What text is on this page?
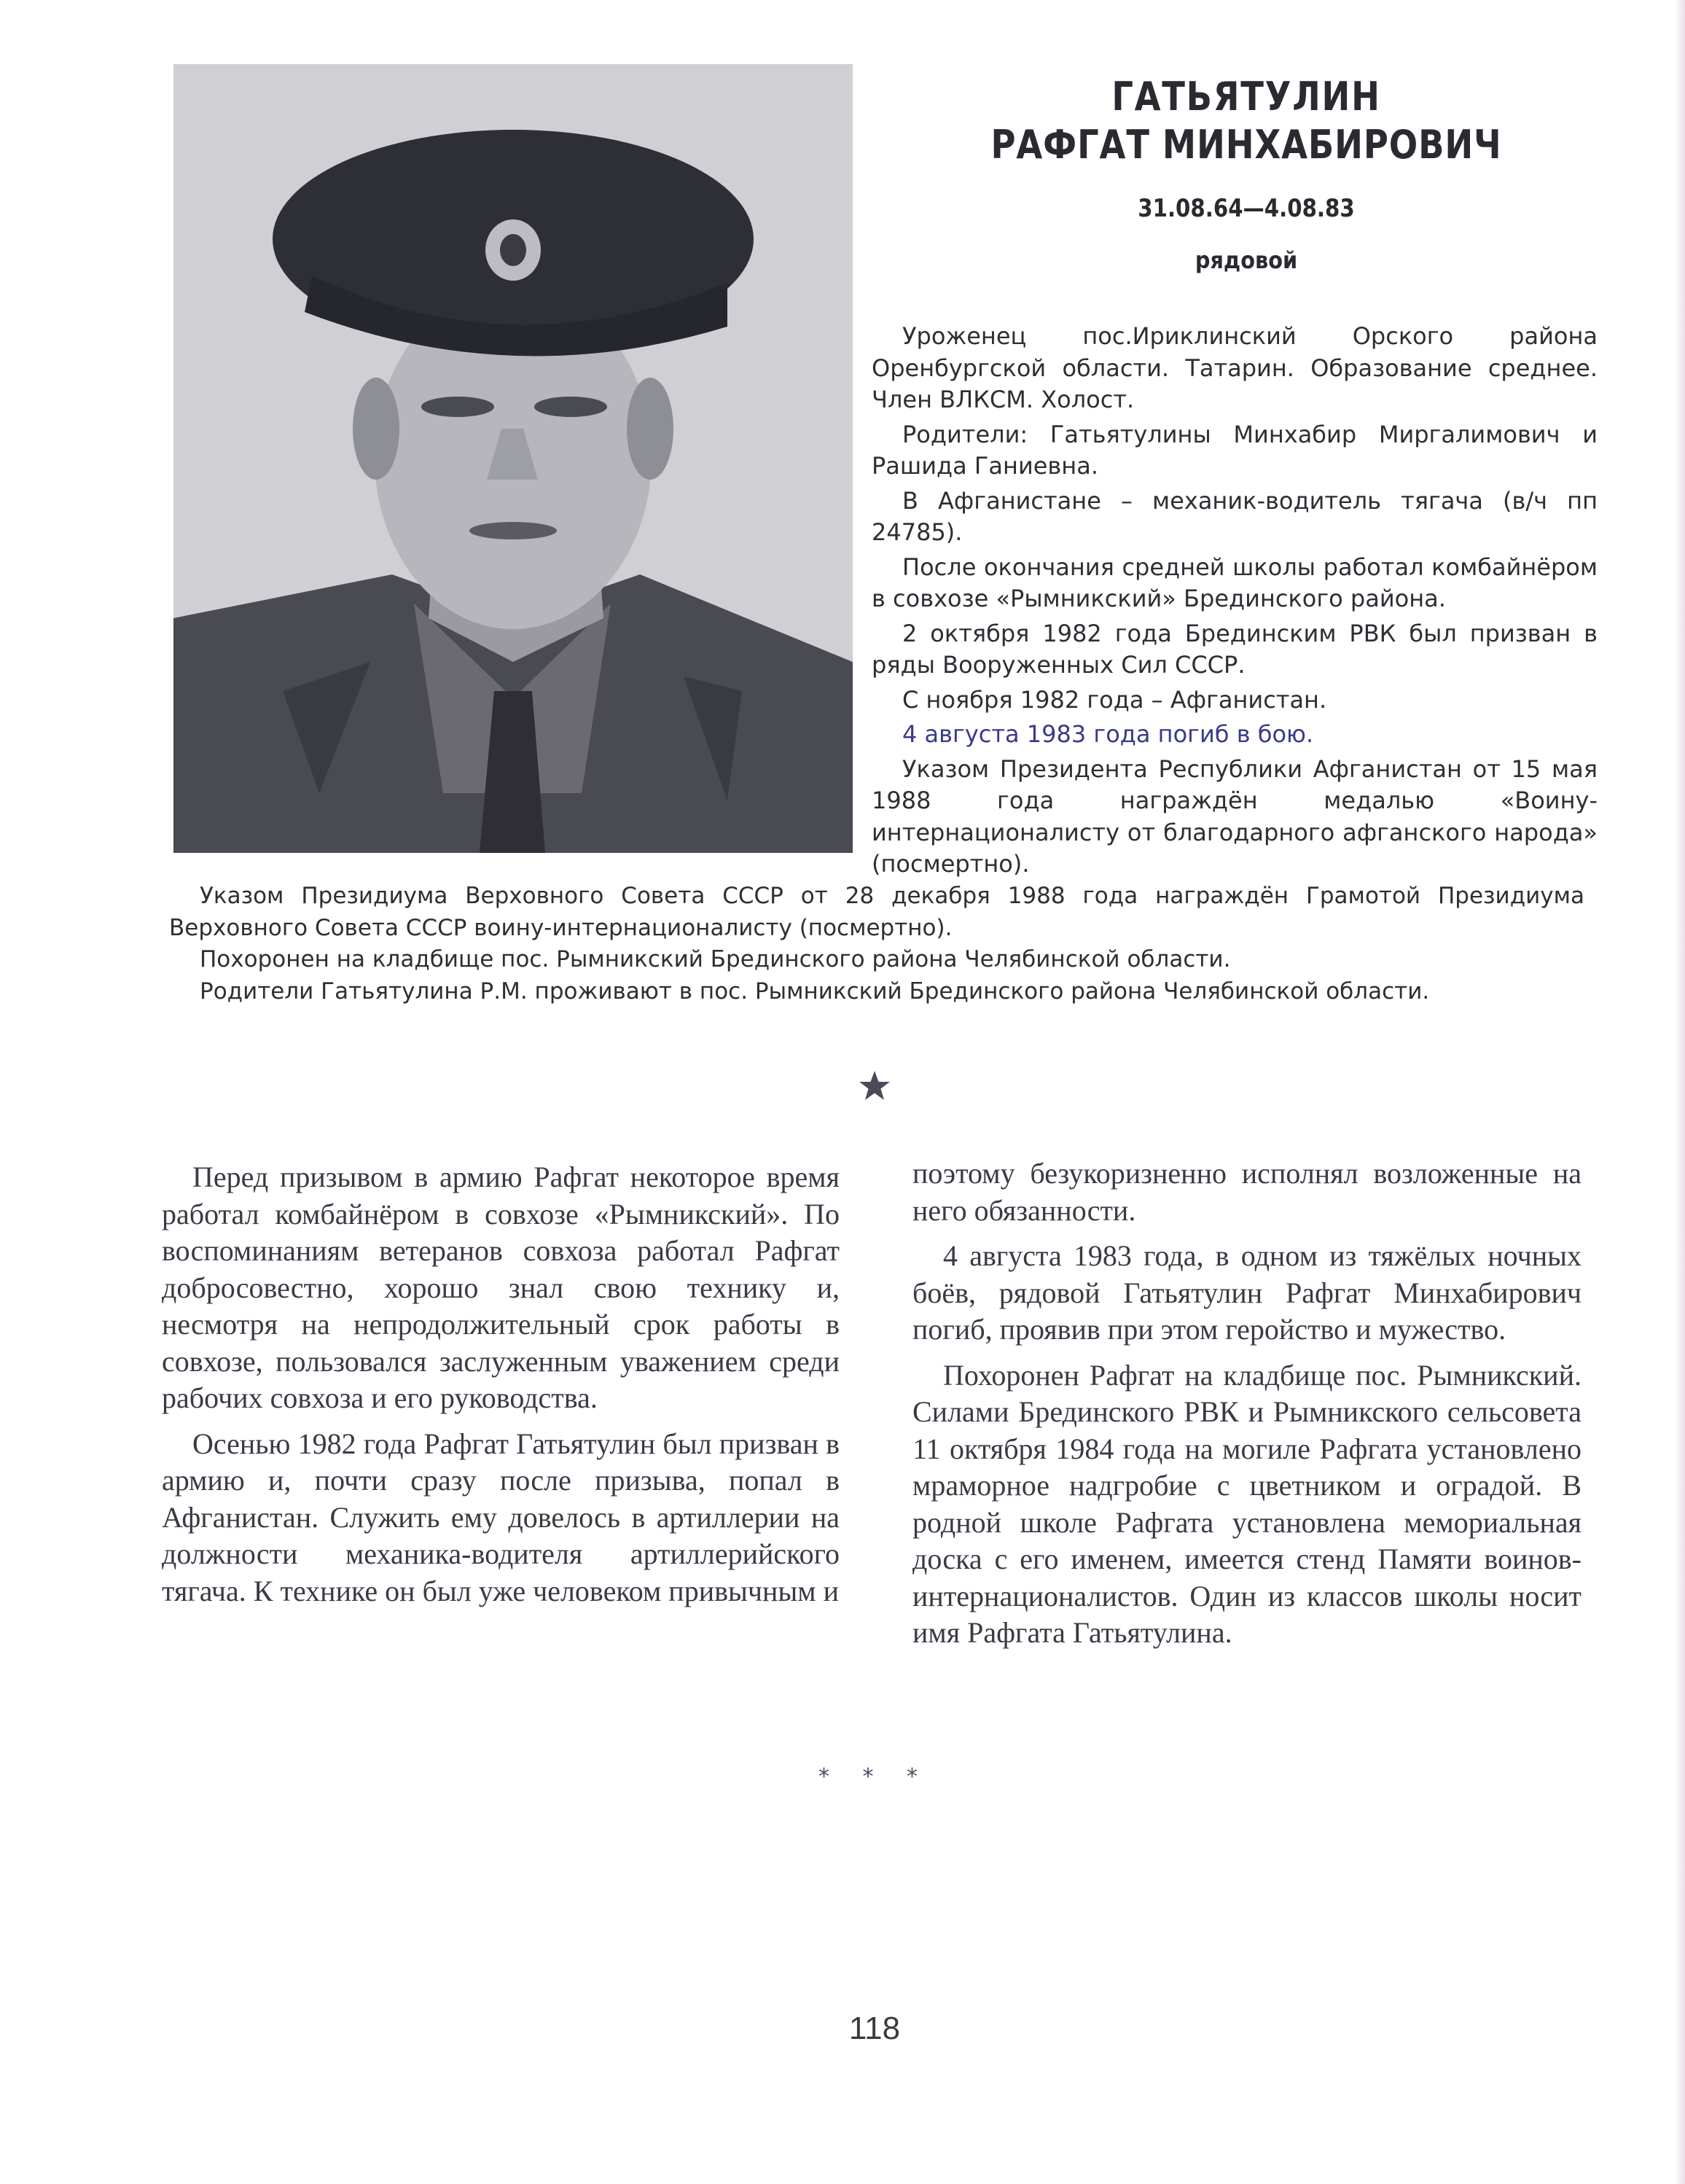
ГАТЬЯТУЛИН
РАФГАТ МИНХАБИРОВИЧ
31.08.64—4.08.83
рядовой

Уроженец пос.Ириклинский Орского района Оренбургской области. Татарин. Образование среднее. Член ВЛКСМ. Холост.

Родители: Гатьятулины Минхабир Миргалимович и Рашида Ганиевна.

В Афганистане – механик-водитель тягача (в/ч пп 24785).

После окончания средней школы работал комбайнёром в совхозе «Рымникский» Брединского района.

2 октября 1982 года Брединским РВК был призван в ряды Вооруженных Сил СССР.

С ноября 1982 года – Афганистан.

4 августа 1983 года погиб в бою.

Указом Президента Республики Афганистан от 15 мая 1988 года награждён медалью «Воину-интернационалисту от благодарного афганского народа» (посмертно).

Указом Президиума Верховного Совета СССР от 28 декабря 1988 года награждён Грамотой Президиума Верховного Совета СССР воину-интернационалисту (посмертно).

Похоронен на кладбище пос. Рымникский Брединского района Челябинской области.

Родители Гатьятулина Р.М. проживают в пос. Рымникский Брединского района Челябинской области.

Перед призывом в армию Рафгат некоторое время работал комбайнёром в совхозе «Рымникский». По воспоминаниям ветеранов совхоза работал Рафгат добросовестно, хорошо знал свою технику и, несмотря на непродолжительный срок работы в совхозе, пользовался заслуженным уважением среди рабочих совхоза и его руководства.

Осенью 1982 года Рафгат Гатьятулин был призван в армию и, почти сразу после призыва, попал в Афганистан. Служить ему довелось в артиллерии на должности механика-водителя артиллерийского тягача. К технике он был уже человеком привычным и

поэтому безукоризненно исполнял возложенные на него обязанности.

4 августа 1983 года, в одном из тяжёлых ночных боёв, рядовой Гатьятулин Рафгат Минхабирович погиб, проявив при этом геройство и мужество.

Похоронен Рафгат на кладбище пос. Рымникский. Силами Брединского РВК и Рымникского сельсовета 11 октября 1984 года на могиле Рафгата установлено мраморное надгробие с цветником и оградой. В родной школе Рафгата установлена мемориальная доска с его именем, имеется стенд Памяти воинов-интернационалистов. Один из классов школы носит имя Рафгата Гатьятулина.

* * *
118
